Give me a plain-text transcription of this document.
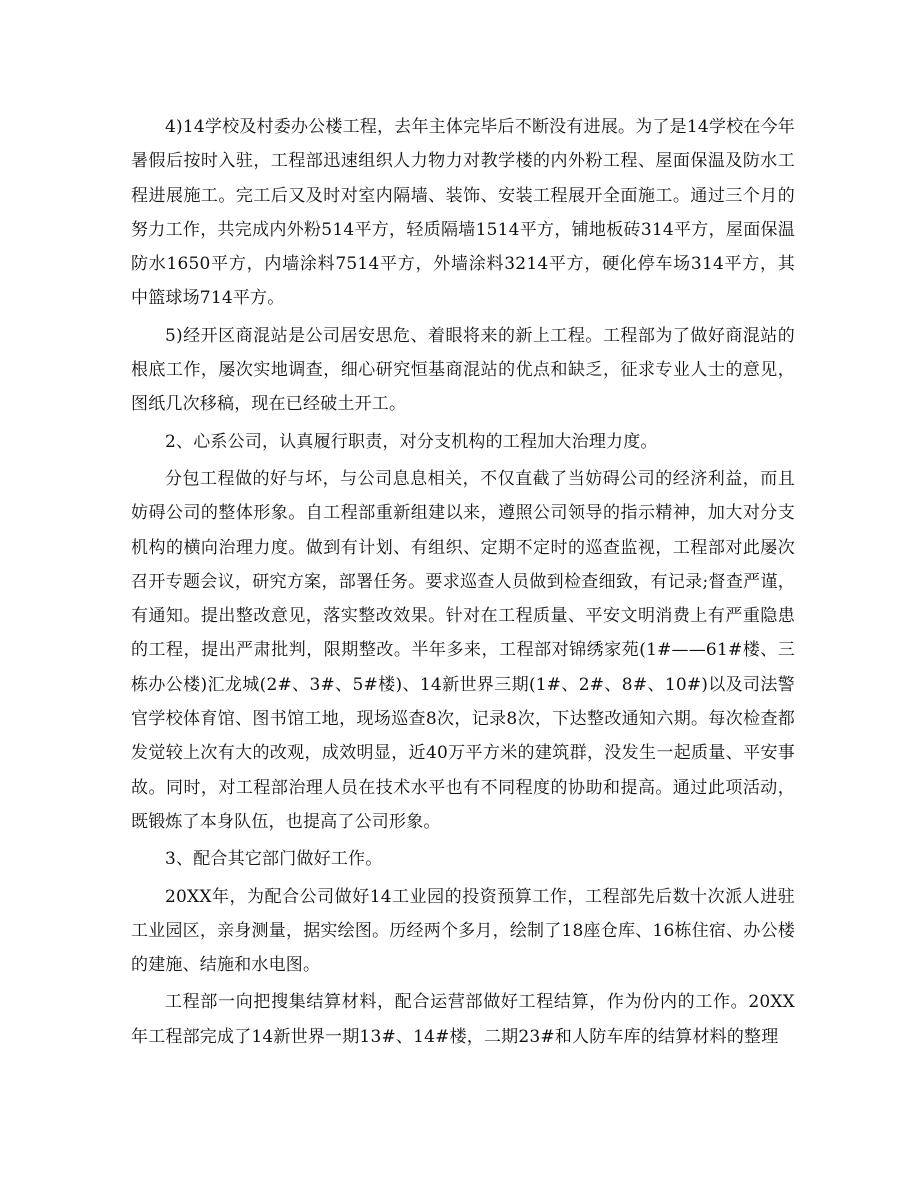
4)14学校及村委办公楼工程，去年主体完毕后不断没有进展。为了是14学校在今年暑假后按时入驻，工程部迅速组织人力物力对教学楼的内外粉工程、屋面保温及防水工程进展施工。完工后又及时对室内隔墙、装饰、安装工程展开全面施工。通过三个月的努力工作，共完成内外粉514平方，轻质隔墙1514平方，铺地板砖314平方，屋面保温防水1650平方，内墙涂料7514平方，外墙涂料3214平方，硬化停车场314平方，其中篮球场714平方。

5)经开区商混站是公司居安思危、着眼将来的新上工程。工程部为了做好商混站的根底工作，屡次实地调查，细心研究恒基商混站的优点和缺乏，征求专业人士的意见，图纸几次移稿，现在已经破土开工。

2、心系公司，认真履行职责，对分支机构的工程加大治理力度。

分包工程做的好与坏，与公司息息相关，不仅直截了当妨碍公司的经济利益，而且妨碍公司的整体形象。自工程部重新组建以来，遵照公司领导的指示精神，加大对分支机构的横向治理力度。做到有计划、有组织、定期不定时的巡查监视，工程部对此屡次召开专题会议，研究方案，部署任务。要求巡查人员做到检查细致，有记录;督查严谨，有通知。提出整改意见，落实整改效果。针对在工程质量、平安文明消费上有严重隐患的工程，提出严肃批判，限期整改。半年多来，工程部对锦绣家苑(1#——61#楼、三栋办公楼)汇龙城(2#、3#、5#楼)、14新世界三期(1#、2#、8#、10#)以及司法警官学校体育馆、图书馆工地，现场巡查8次，记录8次，下达整改通知六期。每次检查都发觉较上次有大的改观，成效明显，近40万平方米的建筑群，没发生一起质量、平安事故。同时，对工程部治理人员在技术水平也有不同程度的协助和提高。通过此项活动，既锻炼了本身队伍，也提高了公司形象。

3、配合其它部门做好工作。

20XX年，为配合公司做好14工业园的投资预算工作，工程部先后数十次派人进驻工业园区，亲身测量，据实绘图。历经两个多月，绘制了18座仓库、16栋住宿、办公楼的建施、结施和水电图。

工程部一向把搜集结算材料，配合运营部做好工程结算，作为份内的工作。20XX年工程部完成了14新世界一期13#、14#楼，二期23#和人防车库的结算材料的整理
